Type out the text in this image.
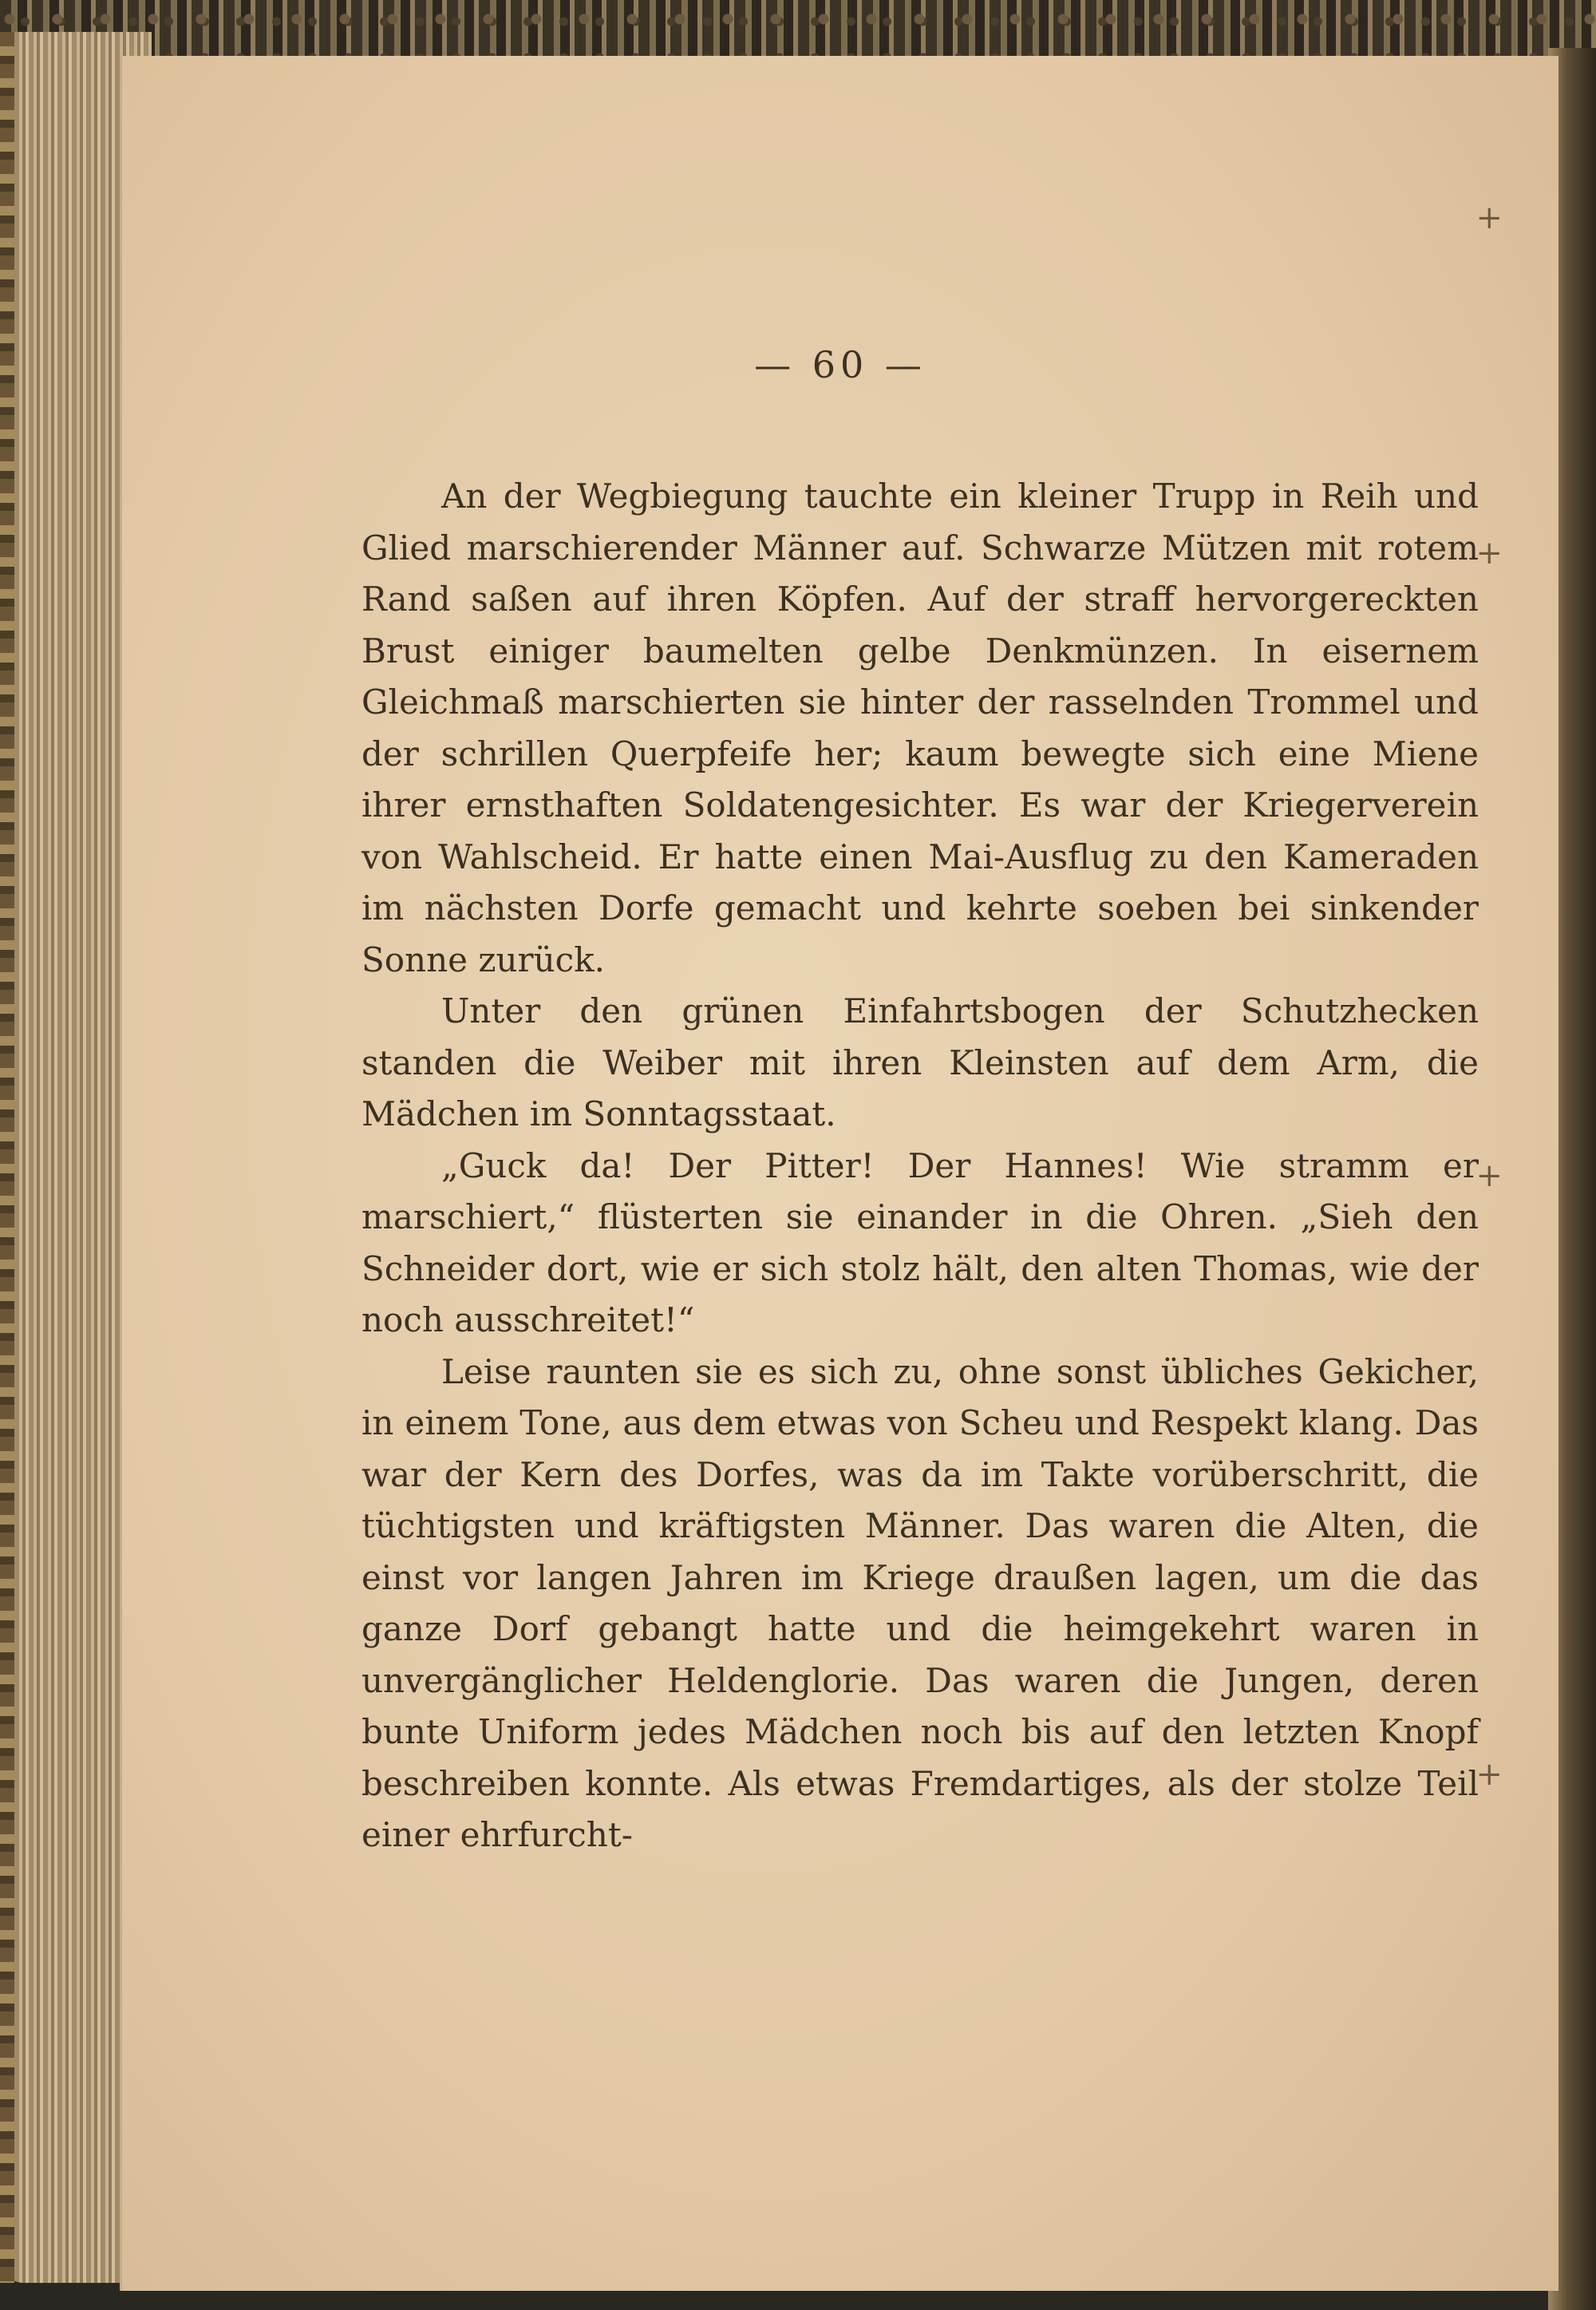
— 60 —

An der Wegbiegung tauchte ein kleiner Trupp in Reih und Glied marschierender Männer auf. Schwarze Mützen mit rotem Rand saßen auf ihren Köpfen. Auf der straff hervorgereckten Brust einiger baumelten gelbe Denkmünzen. In eisernem Gleichmaß marschierten sie hinter der rasselnden Trommel und der schrillen Querpfeife her; kaum bewegte sich eine Miene ihrer ernsthaften Soldatengesichter. Es war der Kriegerverein von Wahlscheid. Er hatte einen Mai-Ausflug zu den Kameraden im nächsten Dorfe gemacht und kehrte soeben bei sinkender Sonne zurück.

Unter den grünen Einfahrtsbogen der Schutzhecken standen die Weiber mit ihren Kleinsten auf dem Arm, die Mädchen im Sonntagsstaat.

„Guck da! Der Pitter! Der Hannes! Wie stramm er marschiert,“ flüsterten sie einander in die Ohren. „Sieh den Schneider dort, wie er sich stolz hält, den alten Thomas, wie der noch ausschreitet!“

Leise raunten sie es sich zu, ohne sonst übliches Gekicher, in einem Tone, aus dem etwas von Scheu und Respekt klang. Das war der Kern des Dorfes, was da im Takte vorüberschritt, die tüchtigsten und kräftigsten Männer. Das waren die Alten, die einst vor langen Jahren im Kriege draußen lagen, um die das ganze Dorf gebangt hatte und die heimgekehrt waren in unvergänglicher Heldenglorie. Das waren die Jungen, deren bunte Uniform jedes Mädchen noch bis auf den letzten Knopf beschreiben konnte. Als etwas Fremdartiges, als der stolze Teil einer ehrfurcht-

+
+
+
+
